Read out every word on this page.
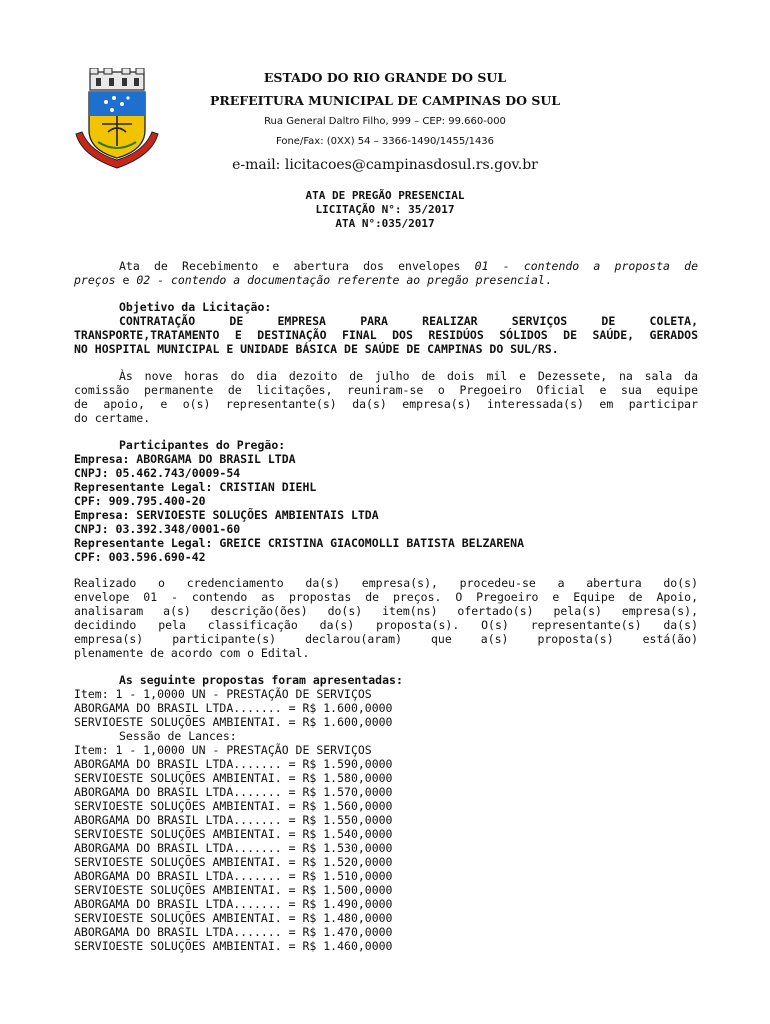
ESTADO DO RIO GRANDE DO SUL
PREFEITURA MUNICIPAL DE CAMPINAS DO SUL
Rua General Daltro Filho, 999 – CEP: 99.660-000
Fone/Fax: (0XX) 54 – 3366-1490/1455/1436
e-mail: licitacoes@campinasdosul.rs.gov.br
ATA DE PREGÃO PRESENCIAL
LICITAÇÃO N°: 35/2017
ATA N°:035/2017

Ata de Recebimento e abertura dos envelopes 01 - contendo a proposta de

preços e 02 - contendo a documentação referente ao pregão presencial.

Objetivo da Licitação:

CONTRATAÇÃO DE EMPRESA PARA REALIZAR SERVIÇOS DE COLETA,

TRANSPORTE,TRATAMENTO E DESTINAÇÃO FINAL DOS RESIDÚOS SÓLIDOS DE SAÚDE, GERADOS

NO HOSPITAL MUNICIPAL E UNIDADE BÁSICA DE SAÚDE DE CAMPINAS DO SUL/RS.

Às nove horas do dia dezoito de julho de dois mil e Dezessete, na sala da

comissão permanente de licitações, reuniram-se o Pregoeiro Oficial e sua equipe

de apoio, e o(s) representante(s) da(s) empresa(s) interessada(s) em participar

do certame.

Participantes do Pregão:

Empresa: ABORGAMA DO BRASIL LTDA

CNPJ: 05.462.743/0009-54

Representante Legal: CRISTIAN DIEHL

CPF: 909.795.400-20

Empresa: SERVIOESTE SOLUÇÕES AMBIENTAIS LTDA

CNPJ: 03.392.348/0001-60

Representante Legal: GREICE CRISTINA GIACOMOLLI BATISTA BELZARENA

CPF: 003.596.690-42

Realizado o credenciamento da(s) empresa(s), procedeu-se a abertura do(s)

envelope 01 - contendo as propostas de preços. O Pregoeiro e Equipe de Apoio,

analisaram a(s) descrição(ões) do(s) item(ns) ofertado(s) pela(s) empresa(s),

decidindo pela classificação da(s) proposta(s). O(s) representante(s) da(s)

empresa(s) participante(s) declarou(aram) que a(s) proposta(s) está(ão)

plenamente de acordo com o Edital.

As seguinte propostas foram apresentadas:

Item: 1 - 1,0000 UN - PRESTAÇÃO DE SERVIÇOS

ABORGAMA DO BRASIL LTDA....... = R$ 1.600,0000

SERVIOESTE SOLUÇÕES AMBIENTAI. = R$ 1.600,0000

Sessão de Lances:

Item: 1 - 1,0000 UN - PRESTAÇÃO DE SERVIÇOS

ABORGAMA DO BRASIL LTDA....... = R$ 1.590,0000

SERVIOESTE SOLUÇÕES AMBIENTAI. = R$ 1.580,0000

ABORGAMA DO BRASIL LTDA....... = R$ 1.570,0000

SERVIOESTE SOLUÇÕES AMBIENTAI. = R$ 1.560,0000

ABORGAMA DO BRASIL LTDA....... = R$ 1.550,0000

SERVIOESTE SOLUÇÕES AMBIENTAI. = R$ 1.540,0000

ABORGAMA DO BRASIL LTDA....... = R$ 1.530,0000

SERVIOESTE SOLUÇÕES AMBIENTAI. = R$ 1.520,0000

ABORGAMA DO BRASIL LTDA....... = R$ 1.510,0000

SERVIOESTE SOLUÇÕES AMBIENTAI. = R$ 1.500,0000

ABORGAMA DO BRASIL LTDA....... = R$ 1.490,0000

SERVIOESTE SOLUÇÕES AMBIENTAI. = R$ 1.480,0000

ABORGAMA DO BRASIL LTDA....... = R$ 1.470,0000

SERVIOESTE SOLUÇÕES AMBIENTAI. = R$ 1.460,0000
